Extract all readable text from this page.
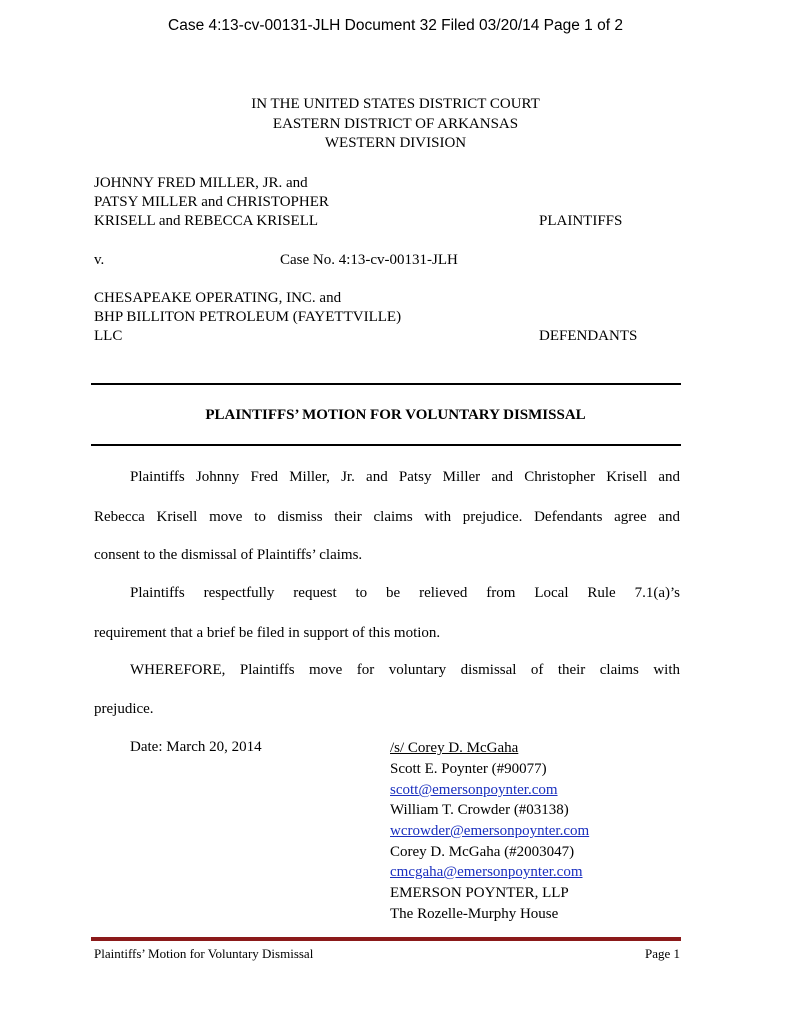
Case 4:13-cv-00131-JLH Document 32 Filed 03/20/14 Page 1 of 2
IN THE UNITED STATES DISTRICT COURT
EASTERN DISTRICT OF ARKANSAS
WESTERN DIVISION
JOHNNY FRED MILLER, JR. and
PATSY MILLER and CHRISTOPHER
KRISELL and REBECCA KRISELL	PLAINTIFFS
v.	Case No. 4:13-cv-00131-JLH
CHESAPEAKE OPERATING, INC. and
BHP BILLITON PETROLEUM (FAYETTVILLE)
LLC	DEFENDANTS
PLAINTIFFS’ MOTION FOR VOLUNTARY DISMISSAL
Plaintiffs Johnny Fred Miller, Jr. and Patsy Miller and Christopher Krisell and
Rebecca Krisell move to dismiss their claims with prejudice. Defendants agree and
consent to the dismissal of Plaintiffs’ claims.
Plaintiffs respectfully request to be relieved from Local Rule 7.1(a)’s
requirement that a brief be filed in support of this motion.
WHEREFORE, Plaintiffs move for voluntary dismissal of their claims with
prejudice.
Date: March 20, 2014	/s/ Corey D. McGaha
Scott E. Poynter (#90077)
scott@emersonpoynter.com
William T. Crowder (#03138)
wcrowder@emersonpoynter.com
Corey D. McGaha (#2003047)
cmcgaha@emersonpoynter.com
EMERSON POYNTER, LLP
The Rozelle-Murphy House
Plaintiffs’ Motion for Voluntary Dismissal	Page 1
